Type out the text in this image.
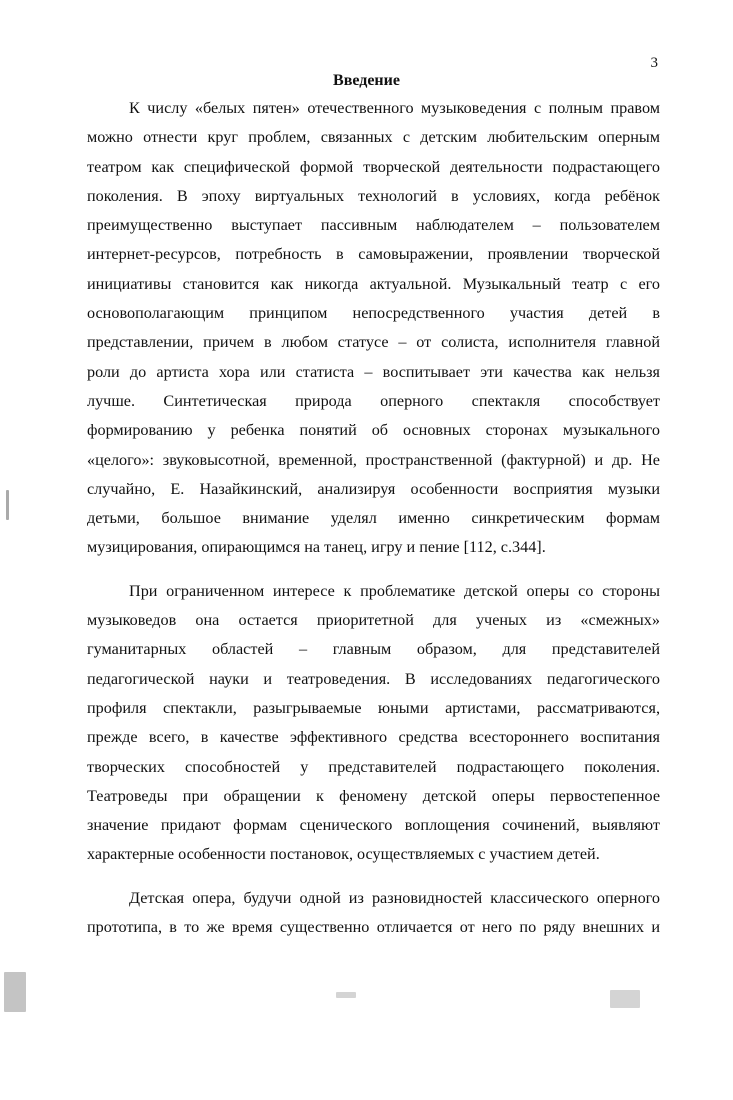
3
Введение
К числу «белых пятен» отечественного музыковедения с полным правом
можно отнести круг проблем, связанных с детским любительским оперным
театром как специфической формой творческой деятельности подрастающего
поколения. В эпоху виртуальных технологий в условиях, когда ребёнок
преимущественно выступает пассивным наблюдателем – пользователем
интернет-ресурсов, потребность в самовыражении, проявлении творческой
инициативы становится как никогда актуальной. Музыкальный театр с его
основополагающим принципом непосредственного участия детей в
представлении, причем в любом статусе – от солиста, исполнителя главной
роли до артиста хора или статиста – воспитывает эти качества как нельзя
лучше. Синтетическая природа оперного спектакля способствует
формированию у ребенка понятий об основных сторонах музыкального
«целого»: звуковысотной, временной, пространственной (фактурной) и др. Не
случайно, Е. Назайкинский, анализируя особенности восприятия музыки
детьми, большое внимание уделял именно синкретическим формам
музицирования, опирающимся на танец, игру и пение [112, с.344].
При ограниченном интересе к проблематике детской оперы со стороны
музыковедов она остается приоритетной для ученых из «смежных»
гуманитарных областей – главным образом, для представителей
педагогической науки и театроведения. В исследованиях педагогического
профиля спектакли, разыгрываемые юными артистами, рассматриваются,
прежде всего, в качестве эффективного средства всестороннего воспитания
творческих способностей у представителей подрастающего поколения.
Театроведы при обращении к феномену детской оперы первостепенное
значение придают формам сценического воплощения сочинений, выявляют
характерные особенности постановок, осуществляемых с участием детей.
Детская опера, будучи одной из разновидностей классического оперного
прототипа, в то же время существенно отличается от него по ряду внешних и
